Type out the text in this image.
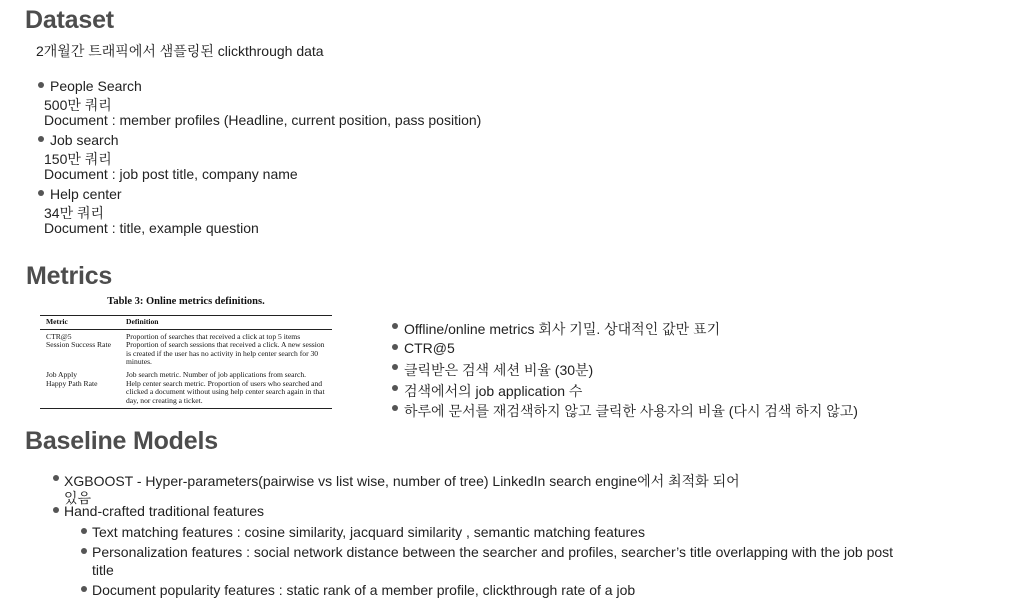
Dataset
2개월간 트래픽에서 샘플링된 clickthrough data
People Search
500만 쿼리
Document : member profiles (Headline, current position, pass position)
Job search
150만 쿼리
Document : job post title, company name
Help center
34만 쿼리
Document : title, example question
Metrics
Table 3: Online metrics definitions.
Metric	Definition
CTR@5	Proportion of searches that received a click at top 5 items
Session Success Rate	Proportion of search sessions that received a click. A new session is created if the user has no activity in help center search for 30 minutes.
Job Apply	Job search metric. Number of job applications from search.
Happy Path Rate	Help center search metric. Proportion of users who searched and clicked a document without using help center search again in that day, nor creating a ticket.
Offline/online metrics 회사 기밀. 상대적인 값만 표기
CTR@5
클릭받은 검색 세션 비율 (30분)
검색에서의 job application 수
하루에 문서를 재검색하지 않고 클릭한 사용자의 비율 (다시 검색 하지 않고)
Baseline Models
XGBOOST - Hyper-parameters(pairwise vs list wise, number of tree) LinkedIn search engine에서 최적화 되어
있음
Hand-crafted traditional features
Text matching features : cosine similarity, jacquard similarity , semantic matching features
Personalization features : social network distance between the searcher and profiles, searcher’s title overlapping with the job post
title
Document popularity features : static rank of a member profile, clickthrough rate of a job
